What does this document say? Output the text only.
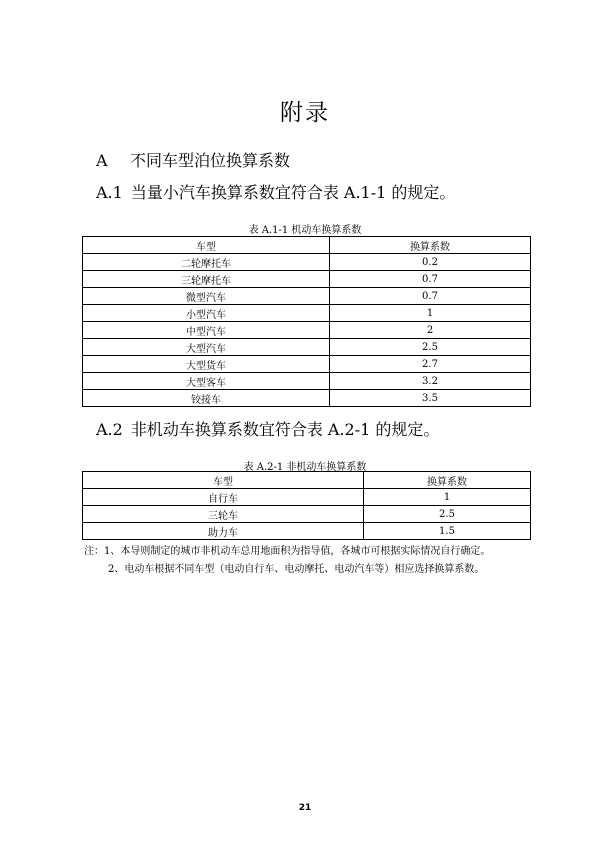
附录
A 不同车型泊位换算系数
A.1 当量小汽车换算系数宜符合表 A.1-1 的规定。
表 A.1-1 机动车换算系数
车型	换算系数
二轮摩托车	0.2
三轮摩托车	0.7
微型汽车	0.7
小型汽车	1
中型汽车	2
大型汽车	2.5
大型货车	2.7
大型客车	3.2
铰接车	3.5
A.2 非机动车换算系数宜符合表 A.2-1 的规定。
表 A.2-1 非机动车换算系数
车型	换算系数
自行车	1
三轮车	2.5
助力车	1.5
注：1、本导则制定的城市非机动车总用地面积为指导值，各城市可根据实际情况自行确定。
2、电动车根据不同车型（电动自行车、电动摩托、电动汽车等）相应选择换算系数。
21
